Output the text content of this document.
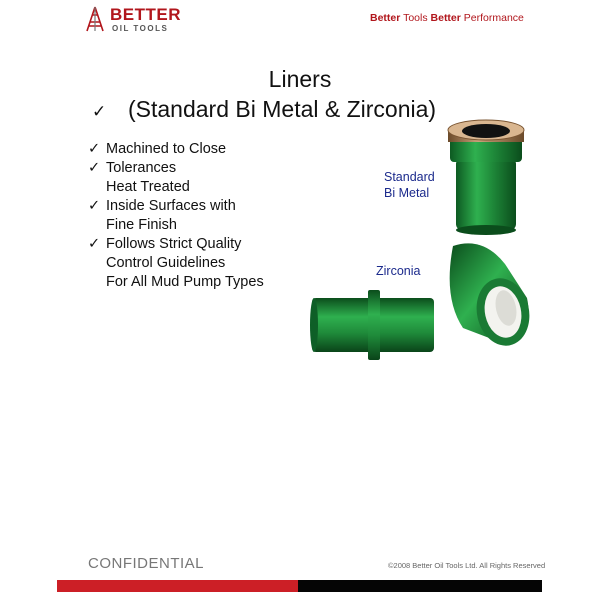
BETTER
OIL TOOLS
Better Tools Better Performance
Liners
✓ (Standard Bi Metal & Zirconia)
✓ Machined to Close
✓ Tolerances
Heat Treated
✓ Inside Surfaces with
Fine Finish
✓ Follows Strict Quality
Control Guidelines
For All Mud Pump Types
Standard
Bi Metal
Zirconia
CONFIDENTIAL	©2008 Better Oil Tools Ltd. All Rights Reserved
